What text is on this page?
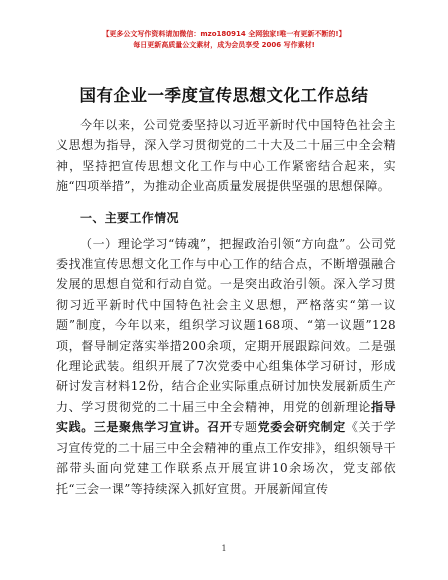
【更多公文写作资料请加微信：mzo180914 全网独家!唯一有更新不断的!】
每日更新高质量公文素材，成为会员享受 2006 写作素材!
国有企业一季度宣传思想文化工作总结

今年以来，公司党委坚持以习近平新时代中国特色社会主义思想为指导，深入学习贯彻党的二十大及二十届三中全会精神，坚持把宣传思想文化工作与中心工作紧密结合起来，实施“四项举措”，为推动企业高质量发展提供坚强的思想保障。

一、主要工作情况

（一）理论学习“铸魂”，把握政治引领“方向盘”。公司党委找准宣传思想文化工作与中心工作的结合点，不断增强融合发展的思想自觉和行动自觉。一是突出政治引领。深入学习贯彻习近平新时代中国特色社会主义思想，严格落实“第一议题”制度，今年以来，组织学习议题168项、“第一议题”128项，督导制定落实举措200余项，定期开展跟踪问效。二是强化理论武装。组织开展了7次党委中心组集体学习研讨，形成研讨发言材料12份，结合企业实际重点研讨加快发展新质生产力、学习贯彻党的二十届三中全会精神，用党的创新理论指导实践。三是聚焦学习宣讲。召开专题党委会研究制定《关于学习宣传党的二十届三中全会精神的重点工作安排》，组织领导干部带头面向党建工作联系点开展宣讲10余场次，党支部依托“三会一课”等持续深入抓好宣贯。开展新闻宣传

1
